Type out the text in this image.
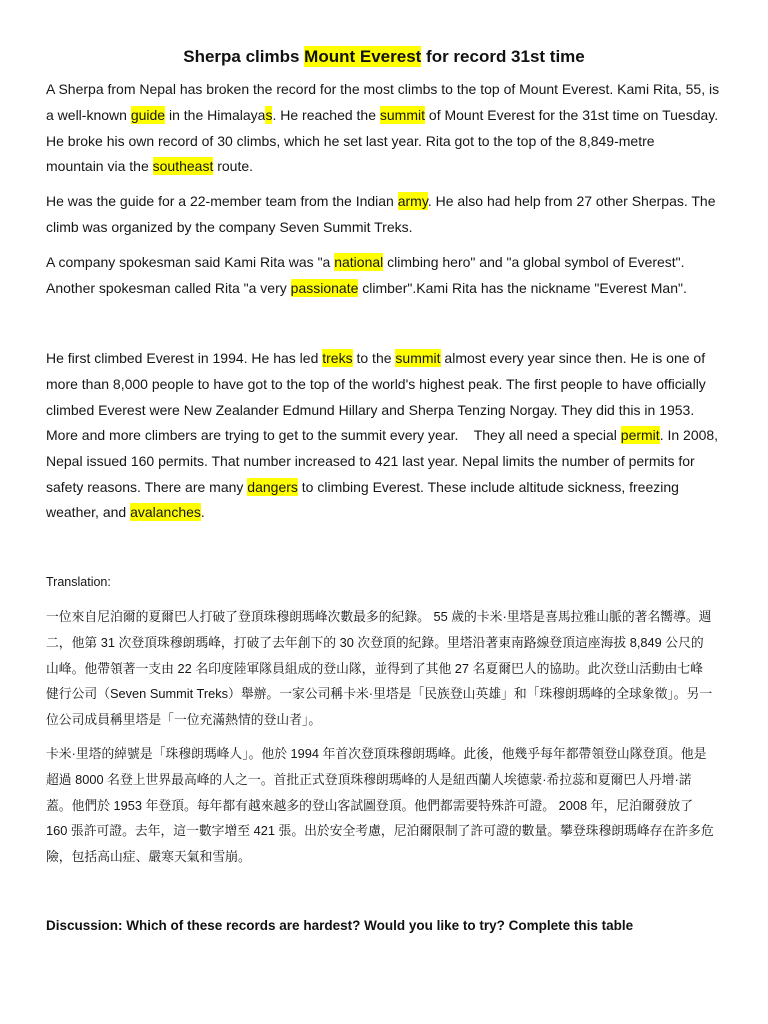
Sherpa climbs Mount Everest for record 31st time
A Sherpa from Nepal has broken the record for the most climbs to the top of Mount Everest. Kami Rita, 55, is
a well-known guide in the Himalayas. He reached the summit of Mount Everest for the 31st time on Tuesday.
He broke his own record of 30 climbs, which he set last year. Rita got to the top of the 8,849-metre
mountain via the southeast route.
He was the guide for a 22-member team from the Indian army. He also had help from 27 other Sherpas. The
climb was organized by the company Seven Summit Treks.
A company spokesman said Kami Rita was "a national climbing hero" and "a global symbol of Everest".
Another spokesman called Rita "a very passionate climber".Kami Rita has the nickname "Everest Man".
He first climbed Everest in 1994. He has led treks to the summit almost every year since then. He is one of
more than 8,000 people to have got to the top of the world's highest peak. The first people to have officially
climbed Everest were New Zealander Edmund Hillary and Sherpa Tenzing Norgay. They did this in 1953.
More and more climbers are trying to get to the summit every year.    They all need a special permit. In 2008,
Nepal issued 160 permits. That number increased to 421 last year. Nepal limits the number of permits for
safety reasons. There are many dangers to climbing Everest. These include altitude sickness, freezing
weather, and avalanches.
Translation:
一位來自尼泊爾的夏爾巴人打破了登頂珠穆朗瑪峰次數最多的紀錄。 55 歲的卡米·里塔是喜馬拉雅山脈的著名嚮導。週
二，他第 31 次登頂珠穆朗瑪峰，打破了去年創下的 30 次登頂的紀錄。里塔沿著東南路線登頂這座海拔 8,849 公尺的
山峰。他帶領著一支由 22 名印度陸軍隊員組成的登山隊，並得到了其他 27 名夏爾巴人的協助。此次登山活動由七峰
健行公司（Seven Summit Treks）舉辦。一家公司稱卡米·里塔是「民族登山英雄」和「珠穆朗瑪峰的全球象徵」。另一
位公司成員稱里塔是「一位充滿熱情的登山者」。
卡米·里塔的綽號是「珠穆朗瑪峰人」。他於 1994 年首次登頂珠穆朗瑪峰。此後，他幾乎每年都帶領登山隊登頂。他是
超過 8000 名登上世界最高峰的人之一。首批正式登頂珠穆朗瑪峰的人是紐西蘭人埃德蒙·希拉蕊和夏爾巴人丹增·諾
蓋。他們於 1953 年登頂。每年都有越來越多的登山客試圖登頂。他們都需要特殊許可證。 2008 年，尼泊爾發放了
160 張許可證。去年，這一數字增至 421 張。出於安全考慮，尼泊爾限制了許可證的數量。攀登珠穆朗瑪峰存在許多危
險，包括高山症、嚴寒天氣和雪崩。
Discussion: Which of these records are hardest? Would you like to try? Complete this table
